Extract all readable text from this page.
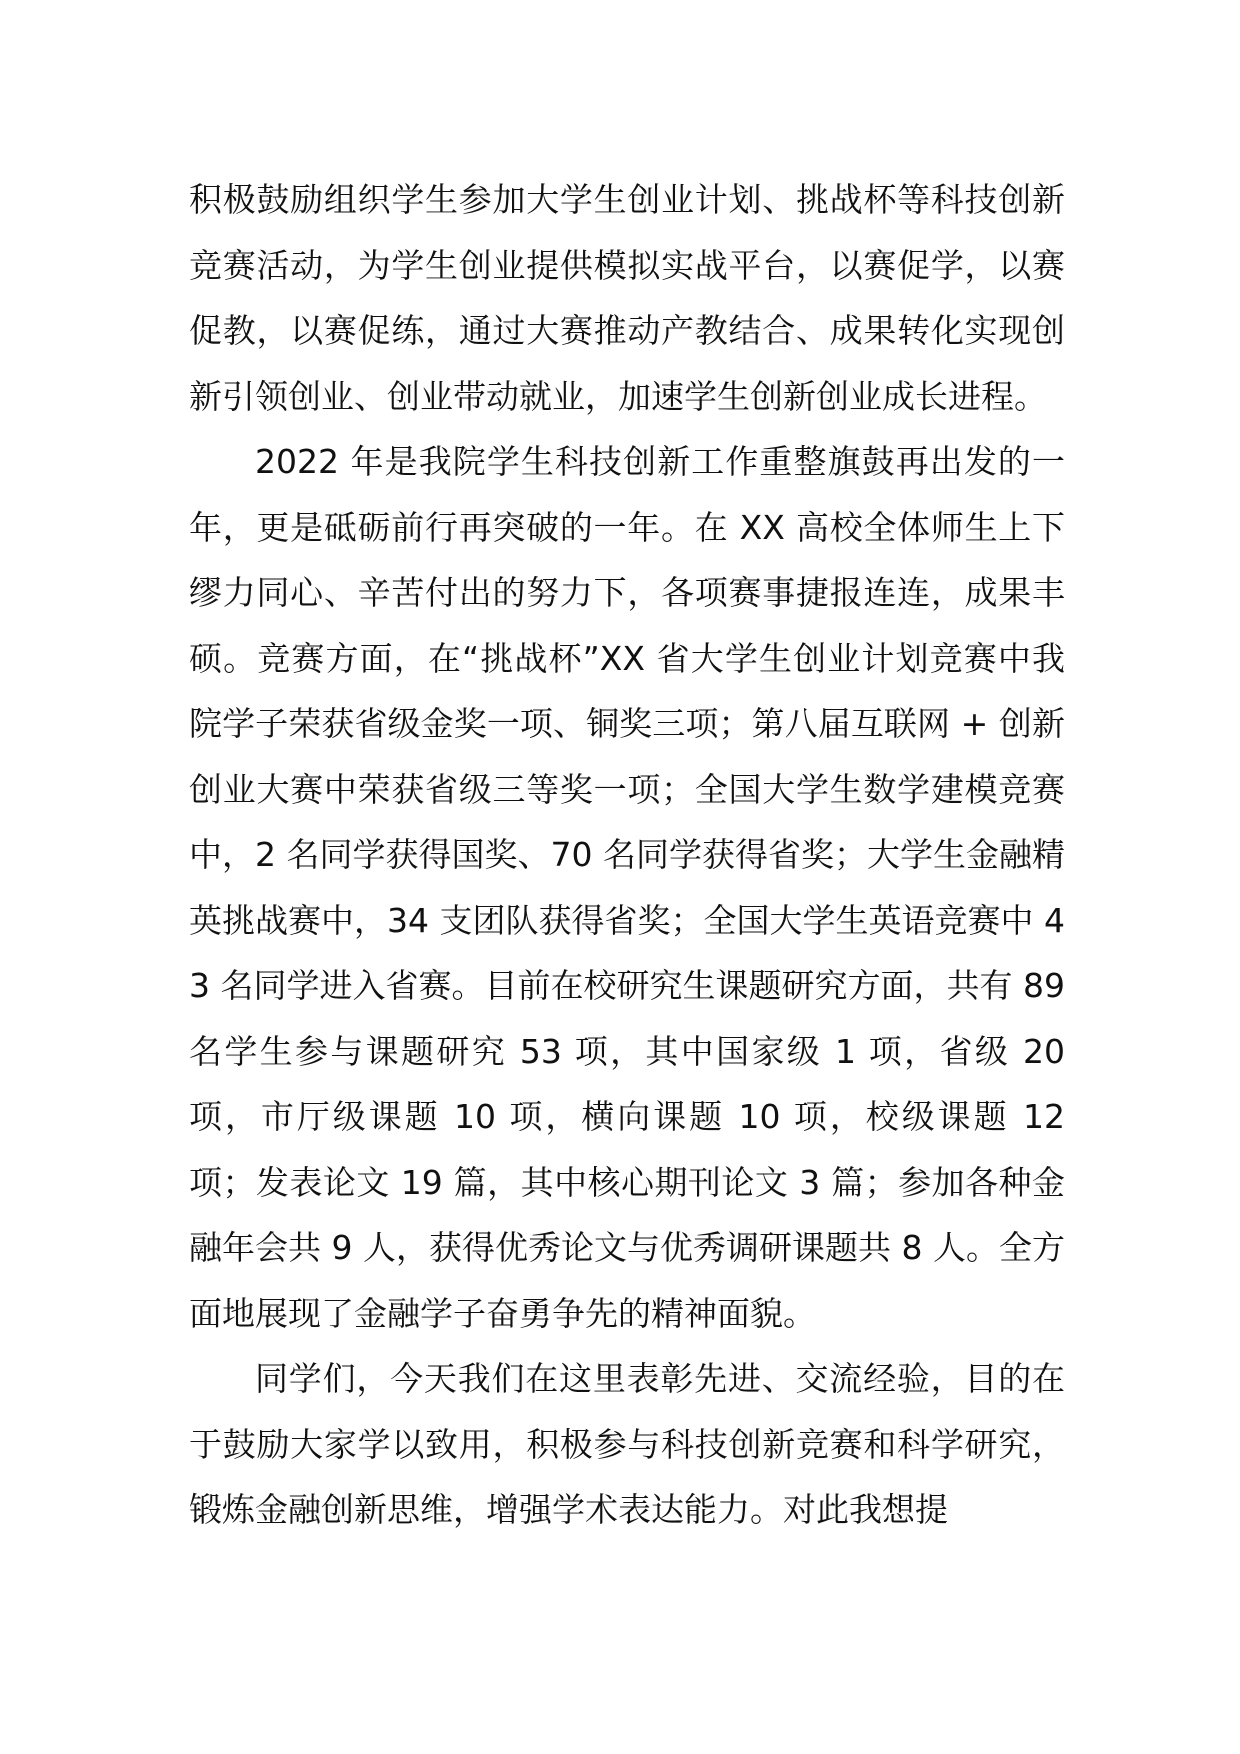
积极鼓励组织学生参加大学生创业计划、挑战杯等科技创新竞赛活动，为学生创业提供模拟实战平台，以赛促学，以赛促教，以赛促练，通过大赛推动产教结合、成果转化实现创新引领创业、创业带动就业，加速学生创新创业成长进程。

2022 年是我院学生科技创新工作重整旗鼓再出发的一年，更是砥砺前行再突破的一年。在 XX 高校全体师生上下缪力同心、辛苦付出的努力下，各项赛事捷报连连，成果丰硕。竞赛方面，在“挑战杯”XX 省大学生创业计划竞赛中我院学子荣获省级金奖一项、铜奖三项；第八届互联网 + 创新创业大赛中荣获省级三等奖一项；全国大学生数学建模竞赛中，2 名同学获得国奖、70 名同学获得省奖；大学生金融精英挑战赛中，34 支团队获得省奖；全国大学生英语竞赛中 43 名同学进入省赛。目前在校研究生课题研究方面，共有 89 名学生参与课题研究 53 项，其中国家级 1 项，省级 20 项，市厅级课题 10 项，横向课题 10 项，校级课题 12 项；发表论文 19 篇，其中核心期刊论文 3 篇；参加各种金融年会共 9 人，获得优秀论文与优秀调研课题共 8 人。全方面地展现了金融学子奋勇争先的精神面貌。

同学们，今天我们在这里表彰先进、交流经验，目的在于鼓励大家学以致用，积极参与科技创新竞赛和科学研究，锻炼金融创新思维，增强学术表达能力。对此我想提
